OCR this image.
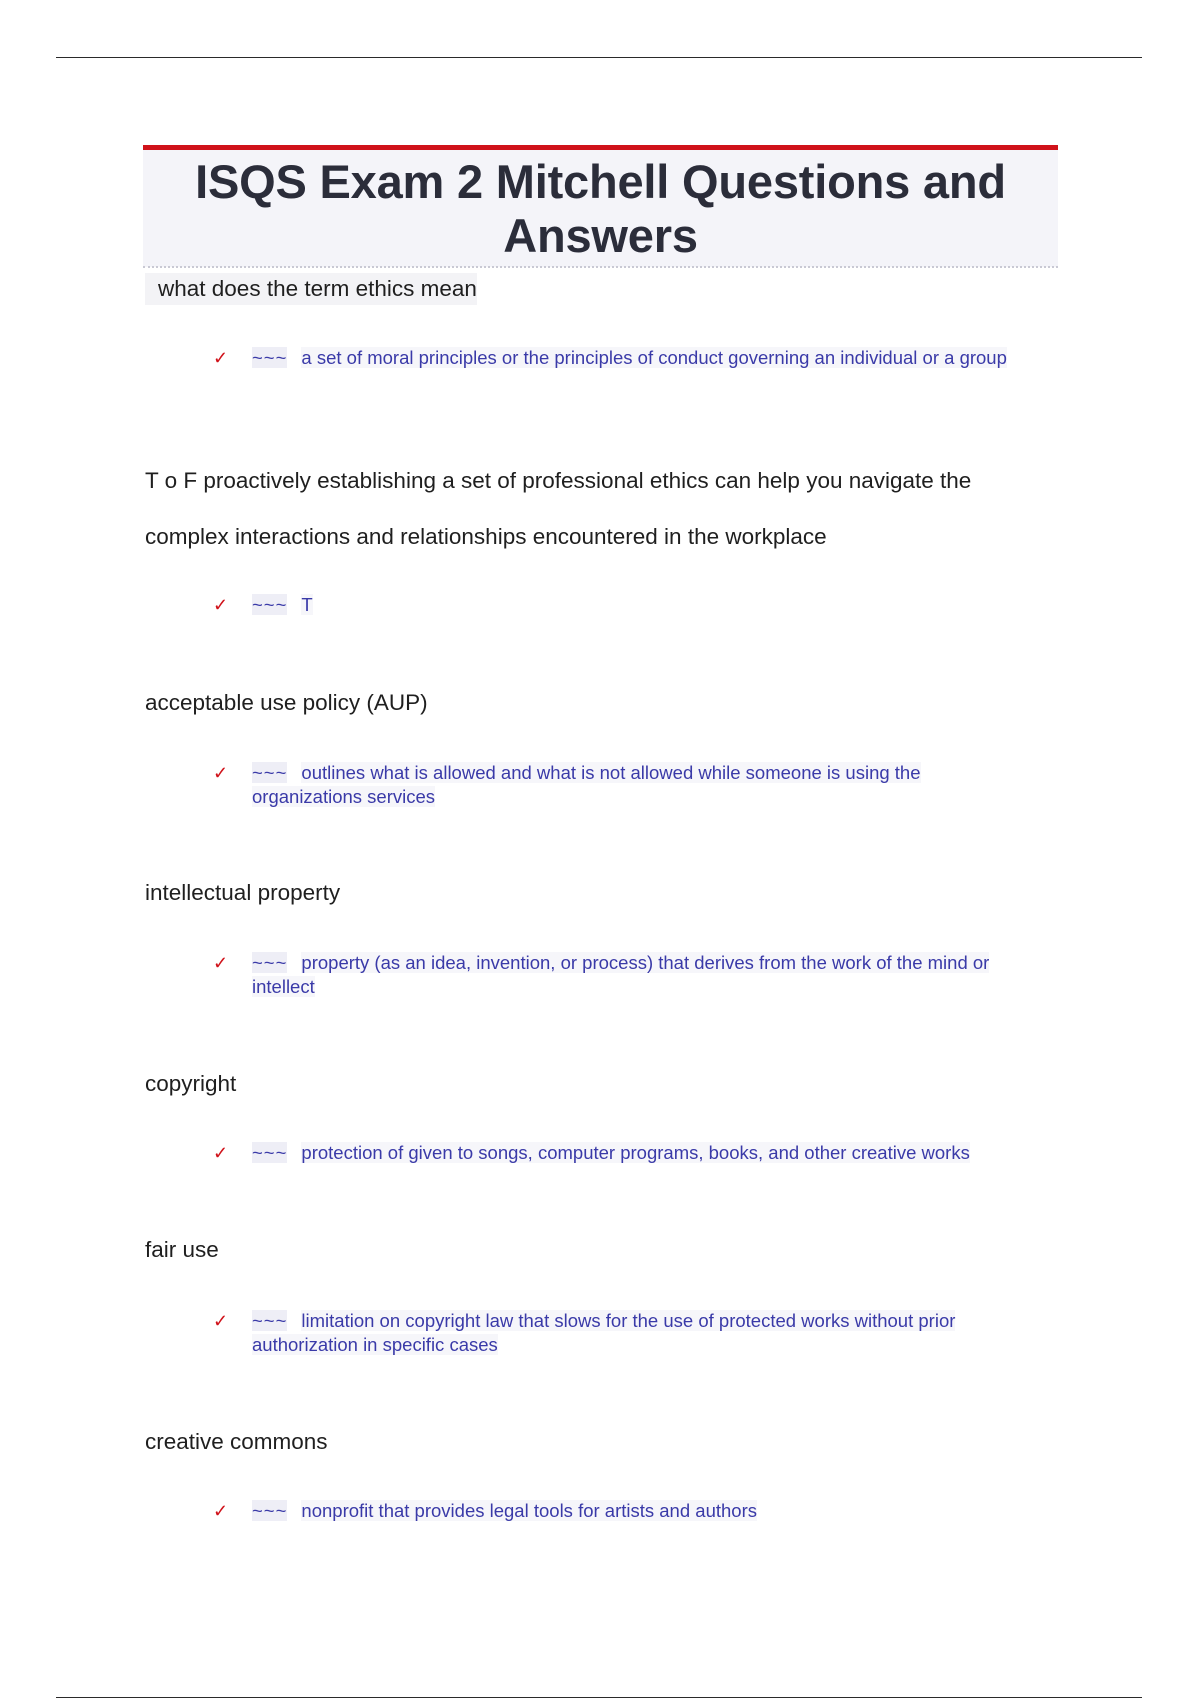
ISQS Exam 2 Mitchell Questions and Answers
what does the term ethics mean
✓ ~~~ a set of moral principles or the principles of conduct governing an individual or a group
T o F proactively establishing a set of professional ethics can help you navigate the complex interactions and relationships encountered in the workplace
✓ ~~~ T
acceptable use policy (AUP)
✓ ~~~ outlines what is allowed and what is not allowed while someone is using the organizations services
intellectual property
✓ ~~~ property (as an idea, invention, or process) that derives from the work of the mind or intellect
copyright
✓ ~~~ protection of given to songs, computer programs, books, and other creative works
fair use
✓ ~~~ limitation on copyright law that slows for the use of protected works without prior authorization in specific cases
creative commons
✓ ~~~ nonprofit that provides legal tools for artists and authors
